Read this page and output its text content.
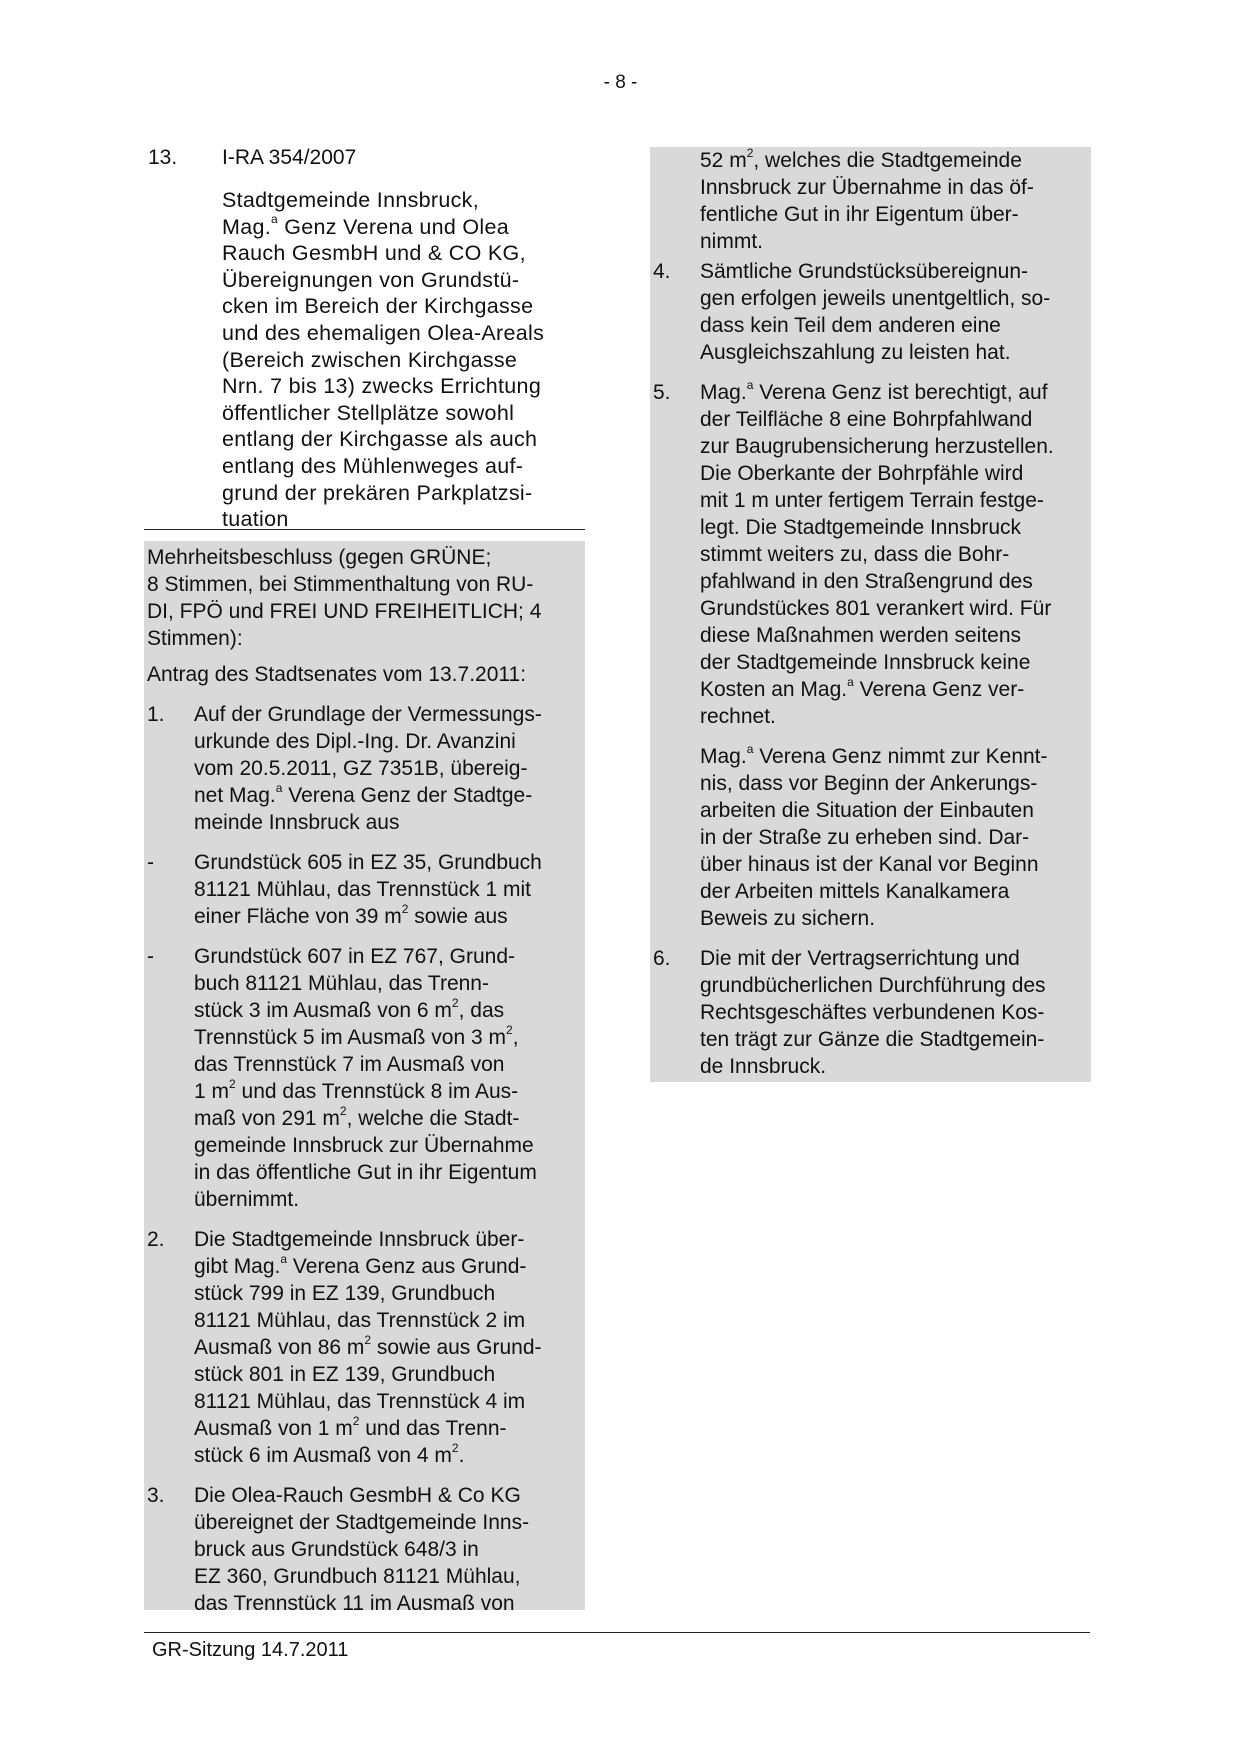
- 8 -
13. I-RA 354/2007
Stadtgemeinde Innsbruck,
Mag.$^a$ Genz Verena und Olea
Rauch GesmbH und & CO KG,
Übereignungen von Grundstü-
cken im Bereich der Kirchgasse
und des ehemaligen Olea-Areals
(Bereich zwischen Kirchgasse
Nrn. 7 bis 13) zwecks Errichtung
öffentlicher Stellplätze sowohl
entlang der Kirchgasse als auch
entlang des Mühlenweges auf-
grund der prekären Parkplatzsi-
tuation
Mehrheitsbeschluss (gegen GRÜNE;
8 Stimmen, bei Stimmenthaltung von RU-
DI, FPÖ und FREI UND FREIHEITLICH; 4
Stimmen):
Antrag des Stadtsenates vom 13.7.2011:
1. Auf der Grundlage der Vermessungs-
urkunde des Dipl.-Ing. Dr. Avanzini
vom 20.5.2011, GZ 7351B, übereig-
net Mag.$^a$ Verena Genz der Stadtge-
meinde Innsbruck aus
- Grundstück 605 in EZ 35, Grundbuch
81121 Mühlau, das Trennstück 1 mit
einer Fläche von 39 $m^2$ sowie aus
- Grundstück 607 in EZ 767, Grund-
buch 81121 Mühlau, das Trenn-
stück 3 im Ausmaß von 6 $m^2$, das
Trennstück 5 im Ausmaß von 3 $m^2$,
das Trennstück 7 im Ausmaß von
1 $m^2$ und das Trennstück 8 im Aus-
maß von 291 $m^2$, welche die Stadt-
gemeinde Innsbruck zur Übernahme
in das öffentliche Gut in ihr Eigentum
übernimmt.
2. Die Stadtgemeinde Innsbruck über-
gibt Mag.$^a$ Verena Genz aus Grund-
stück 799 in EZ 139, Grundbuch
81121 Mühlau, das Trennstück 2 im
Ausmaß von 86 $m^2$ sowie aus Grund-
stück 801 in EZ 139, Grundbuch
81121 Mühlau, das Trennstück 4 im
Ausmaß von 1 $m^2$ und das Trenn-
stück 6 im Ausmaß von 4 $m^2$.
3. Die Olea-Rauch GesmbH & Co KG
übereignet der Stadtgemeinde Inns-
bruck aus Grundstück 648/3 in
EZ 360, Grundbuch 81121 Mühlau,
das Trennstück 11 im Ausmaß von
52 $m^2$, welches die Stadtgemeinde
Innsbruck zur Übernahme in das öf-
fentliche Gut in ihr Eigentum über-
nimmt.
4. Sämtliche Grundstücksübereignun-
gen erfolgen jeweils unentgeltlich, so-
dass kein Teil dem anderen eine
Ausgleichszahlung zu leisten hat.
5. Mag.$^a$ Verena Genz ist berechtigt, auf
der Teilfläche 8 eine Bohrpfahlwand
zur Baugrubensicherung herzustellen.
Die Oberkante der Bohrpfähle wird
mit 1 m unter fertigem Terrain festge-
legt. Die Stadtgemeinde Innsbruck
stimmt weiters zu, dass die Bohr-
pfahlwand in den Straßengrund des
Grundstückes 801 verankert wird. Für
diese Maßnahmen werden seitens
der Stadtgemeinde Innsbruck keine
Kosten an Mag.$^a$ Verena Genz ver-
rechnet.
Mag.$^a$ Verena Genz nimmt zur Kennt-
nis, dass vor Beginn der Ankerungs-
arbeiten die Situation der Einbauten
in der Straße zu erheben sind. Dar-
über hinaus ist der Kanal vor Beginn
der Arbeiten mittels Kanalkamera
Beweis zu sichern.
6. Die mit der Vertragserrichtung und
grundbücherlichen Durchführung des
Rechtsgeschäftes verbundenen Kos-
ten trägt zur Gänze die Stadtgemein-
de Innsbruck.
GR-Sitzung 14.7.2011
